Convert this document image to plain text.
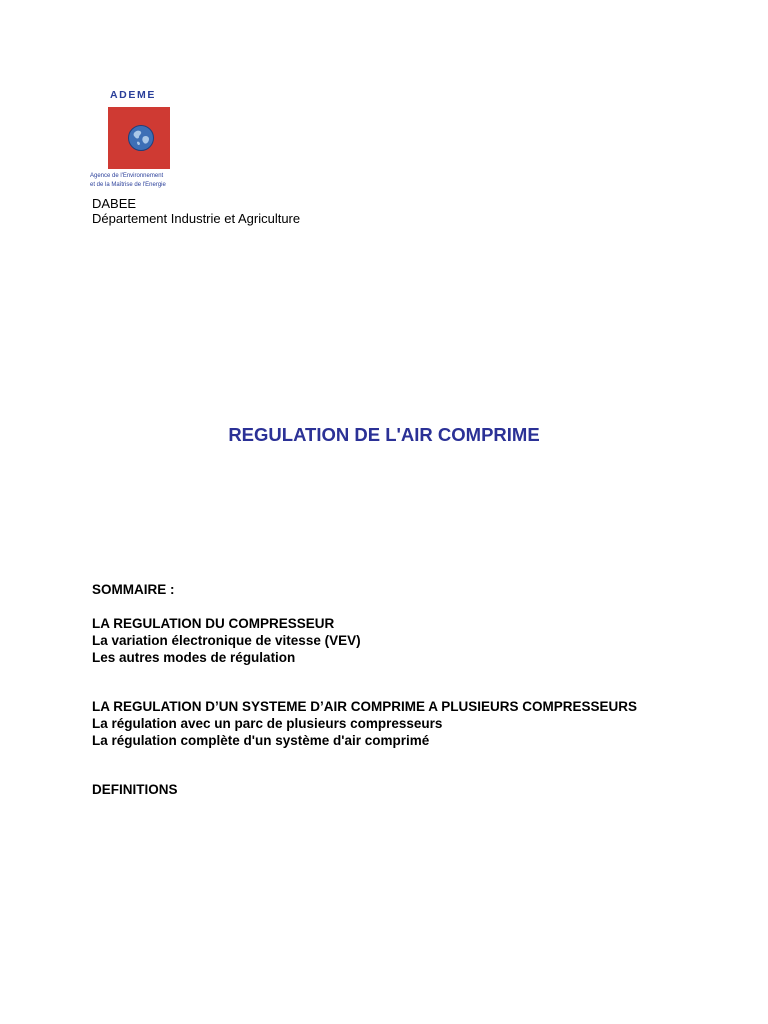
ADEME
Agence de l'Environnement
et de la Maîtrise de l'Energie
DABEE
Département Industrie et Agriculture
REGULATION DE L'AIR COMPRIME
SOMMAIRE :
LA REGULATION DU COMPRESSEUR
La variation électronique de vitesse (VEV)
Les autres modes de régulation
LA REGULATION D’UN SYSTEME D’AIR COMPRIME A PLUSIEURS COMPRESSEURS
La régulation avec un parc de plusieurs compresseurs
La régulation complète d'un système d'air comprimé
DEFINITIONS
